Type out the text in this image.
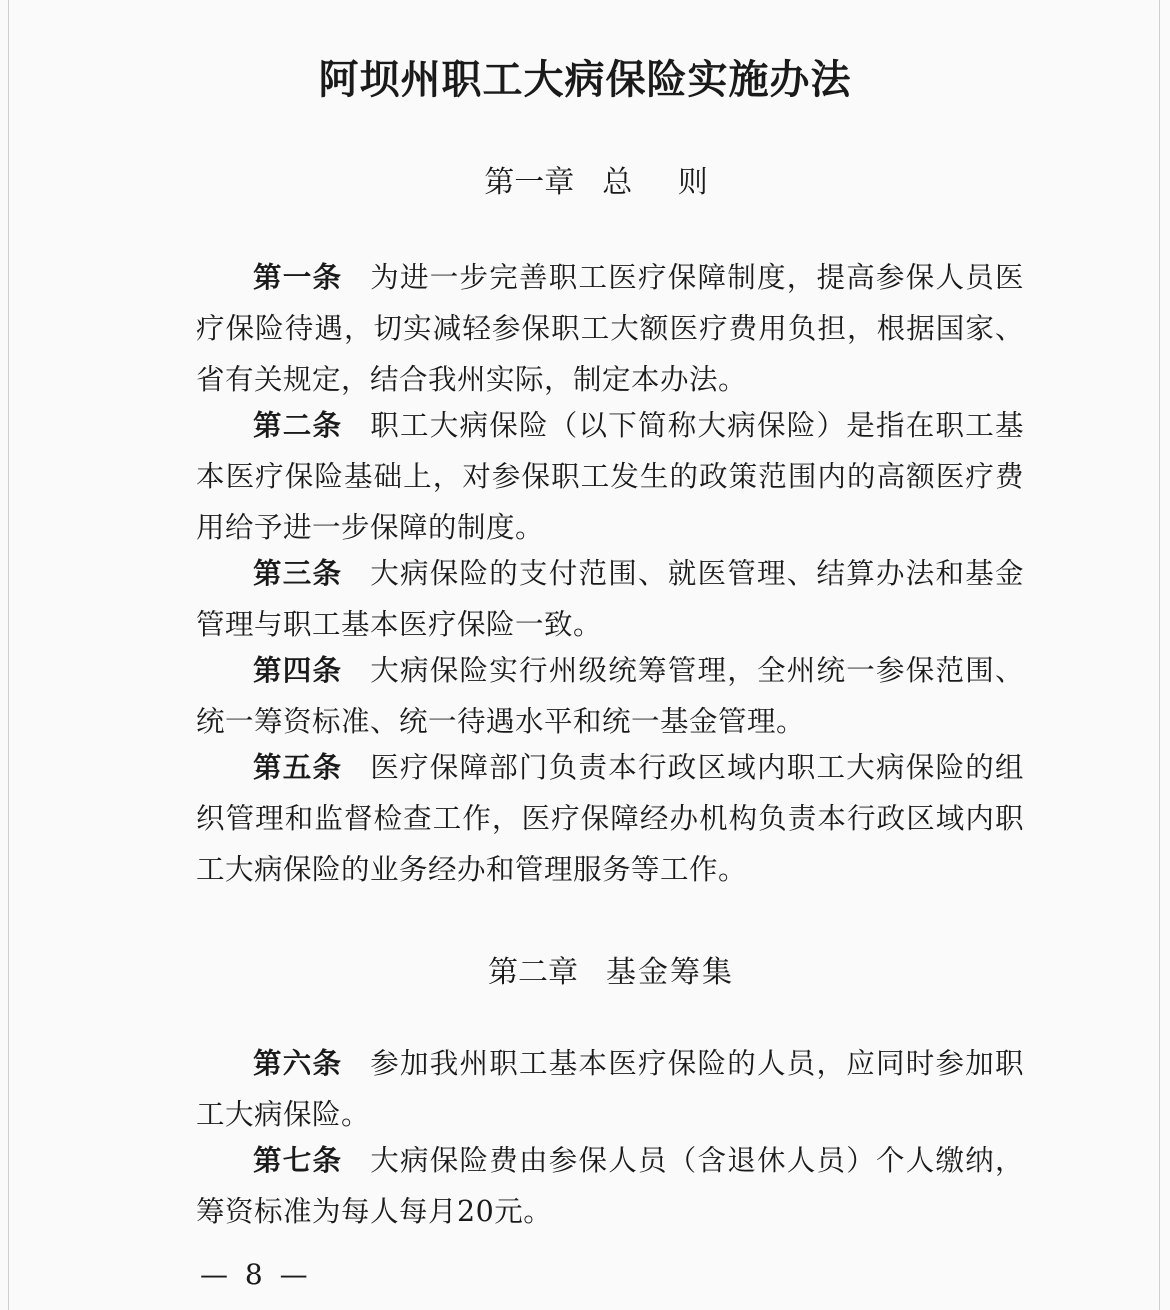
阿坝州职工大病保险实施办法
第一章 总 则

第一条 为进一步完善职工医疗保障制度，提高参保人员医疗保险待遇，切实减轻参保职工大额医疗费用负担，根据国家、省有关规定，结合我州实际，制定本办法。

第二条 职工大病保险（以下简称大病保险）是指在职工基本医疗保险基础上，对参保职工发生的政策范围内的高额医疗费用给予进一步保障的制度。

第三条 大病保险的支付范围、就医管理、结算办法和基金管理与职工基本医疗保险一致。

第四条 大病保险实行州级统筹管理，全州统一参保范围、统一筹资标准、统一待遇水平和统一基金管理。

第五条 医疗保障部门负责本行政区域内职工大病保险的组织管理和监督检查工作，医疗保障经办机构负责本行政区域内职工大病保险的业务经办和管理服务等工作。

第二章 基金筹集

第六条 参加我州职工基本医疗保险的人员，应同时参加职工大病保险。

第七条 大病保险费由参保人员（含退休人员）个人缴纳，筹资标准为每人每月20元。

— 8 —
